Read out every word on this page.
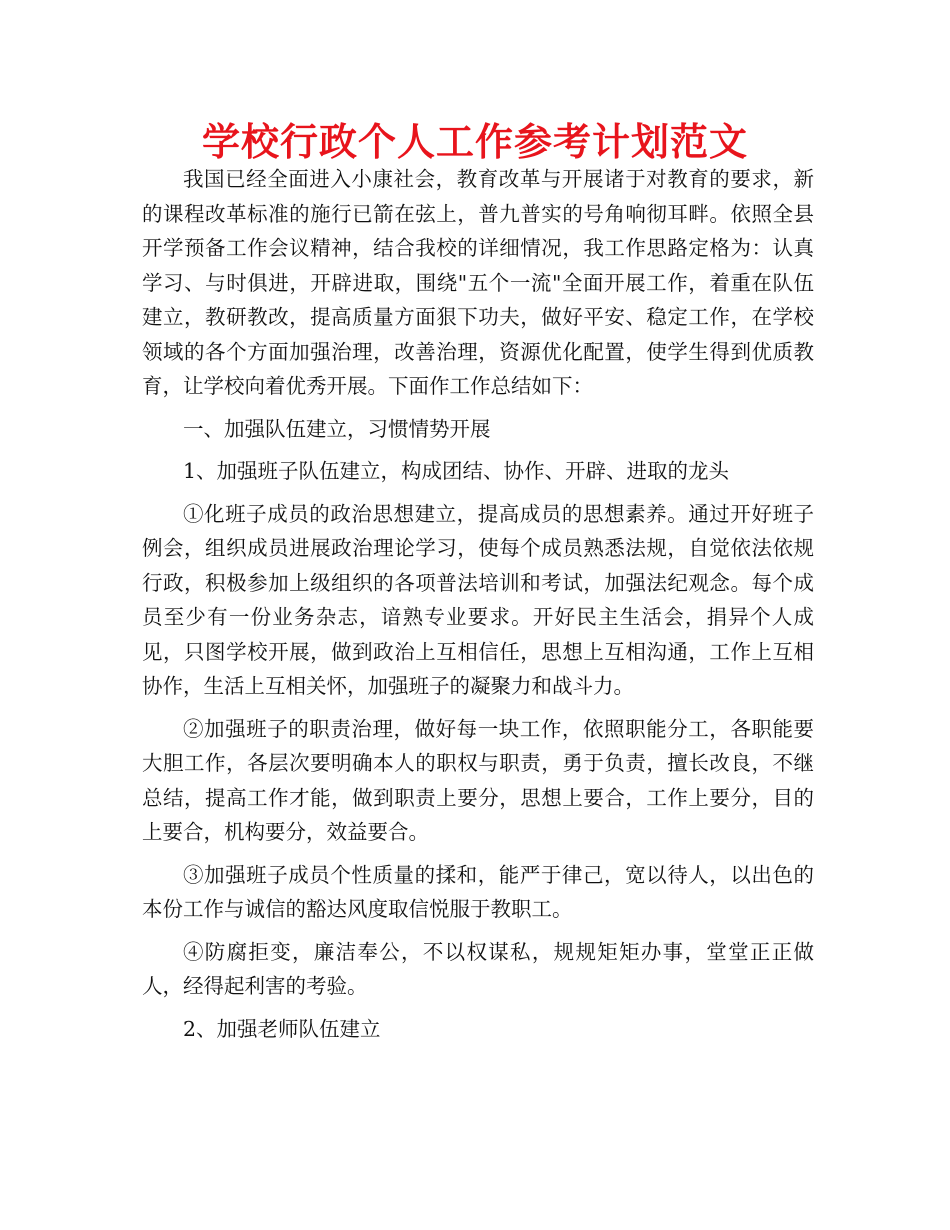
学校行政个人工作参考计划范文

我国已经全面进入小康社会，教育改革与开展诸于对教育的要求，新的课程改革标准的施行已箭在弦上，普九普实的号角响彻耳畔。依照全县开学预备工作会议精神，结合我校的详细情况，我工作思路定格为：认真学习、与时俱进，开辟进取，围绕"五个一流"全面开展工作，着重在队伍建立，教研教改，提高质量方面狠下功夫，做好平安、稳定工作，在学校领域的各个方面加强治理，改善治理，资源优化配置，使学生得到优质教育，让学校向着优秀开展。下面作工作总结如下：

一、加强队伍建立，习惯情势开展

1、加强班子队伍建立，构成团结、协作、开辟、进取的龙头

①化班子成员的政治思想建立，提高成员的思想素养。通过开好班子例会，组织成员进展政治理论学习，使每个成员熟悉法规，自觉依法依规行政，积极参加上级组织的各项普法培训和考试，加强法纪观念。每个成员至少有一份业务杂志，谙熟专业要求。开好民主生活会，捐异个人成见，只图学校开展，做到政治上互相信任，思想上互相沟通，工作上互相协作，生活上互相关怀，加强班子的凝聚力和战斗力。

②加强班子的职责治理，做好每一块工作，依照职能分工，各职能要大胆工作，各层次要明确本人的职权与职责，勇于负责，擅长改良，不继总结，提高工作才能，做到职责上要分，思想上要合，工作上要分，目的上要合，机构要分，效益要合。

③加强班子成员个性质量的揉和，能严于律己，宽以待人，以出色的本份工作与诚信的豁达风度取信悦服于教职工。

④防腐拒变，廉洁奉公，不以权谋私，规规矩矩办事，堂堂正正做人，经得起利害的考验。

2、加强老师队伍建立
